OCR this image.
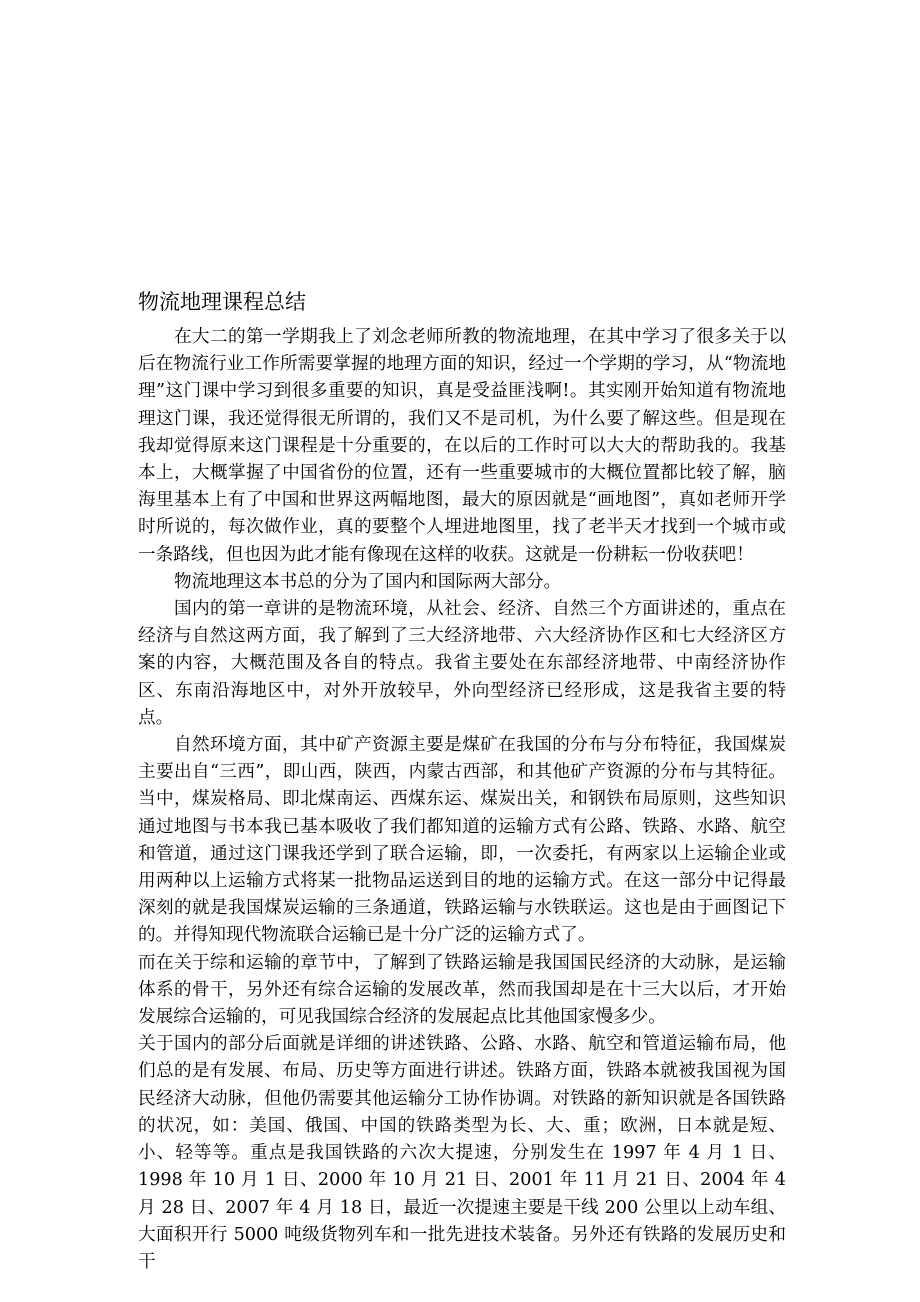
物流地理课程总结

在大二的第一学期我上了刘念老师所教的物流地理，在其中学习了很多关于以后在物流行业工作所需要掌握的地理方面的知识，经过一个学期的学习，从“物流地理”这门课中学习到很多重要的知识，真是受益匪浅啊!。其实刚开始知道有物流地理这门课，我还觉得很无所谓的，我们又不是司机，为什么要了解这些。但是现在我却觉得原来这门课程是十分重要的，在以后的工作时可以大大的帮助我的。我基本上，大概掌握了中国省份的位置，还有一些重要城市的大概位置都比较了解，脑海里基本上有了中国和世界这两幅地图，最大的原因就是“画地图”，真如老师开学时所说的，每次做作业，真的要整个人埋进地图里，找了老半天才找到一个城市或一条路线，但也因为此才能有像现在这样的收获。这就是一份耕耘一份收获吧！

物流地理这本书总的分为了国内和国际两大部分。

国内的第一章讲的是物流环境，从社会、经济、自然三个方面讲述的，重点在经济与自然这两方面，我了解到了三大经济地带、六大经济协作区和七大经济区方案的内容，大概范围及各自的特点。我省主要处在东部经济地带、中南经济协作区、东南沿海地区中，对外开放较早，外向型经济已经形成，这是我省主要的特点。

自然环境方面，其中矿产资源主要是煤矿在我国的分布与分布特征，我国煤炭主要出自“三西”，即山西，陕西，内蒙古西部，和其他矿产资源的分布与其特征。当中，煤炭格局、即北煤南运、西煤东运、煤炭出关，和钢铁布局原则，这些知识通过地图与书本我已基本吸收了我们都知道的运输方式有公路、铁路、水路、航空和管道，通过这门课我还学到了联合运输，即，一次委托，有两家以上运输企业或用两种以上运输方式将某一批物品运送到目的地的运输方式。在这一部分中记得最深刻的就是我国煤炭运输的三条通道，铁路运输与水铁联运。这也是由于画图记下的。并得知现代物流联合运输已是十分广泛的运输方式了。

而在关于综和运输的章节中，了解到了铁路运输是我国国民经济的大动脉，是运输体系的骨干，另外还有综合运输的发展改革，然而我国却是在十三大以后，才开始发展综合运输的，可见我国综合经济的发展起点比其他国家慢多少。

关于国内的部分后面就是详细的讲述铁路、公路、水路、航空和管道运输布局，他们总的是有发展、布局、历史等方面进行讲述。铁路方面，铁路本就被我国视为国民经济大动脉，但他仍需要其他运输分工协作协调。对铁路的新知识就是各国铁路的状况，如：美国、俄国、中国的铁路类型为长、大、重；欧洲，日本就是短、小、轻等等。重点是我国铁路的六次大提速，分别发生在 1997 年 4 月 1 日、1998 年 10 月 1 日、2000 年 10 月 21 日、2001 年 11 月 21 日、2004 年 4 月 28 日、2007 年 4 月 18 日，最近一次提速主要是干线 200 公里以上动车组、大面积开行 5000 吨级货物列车和一批先进技术装备。另外还有铁路的发展历史和干
